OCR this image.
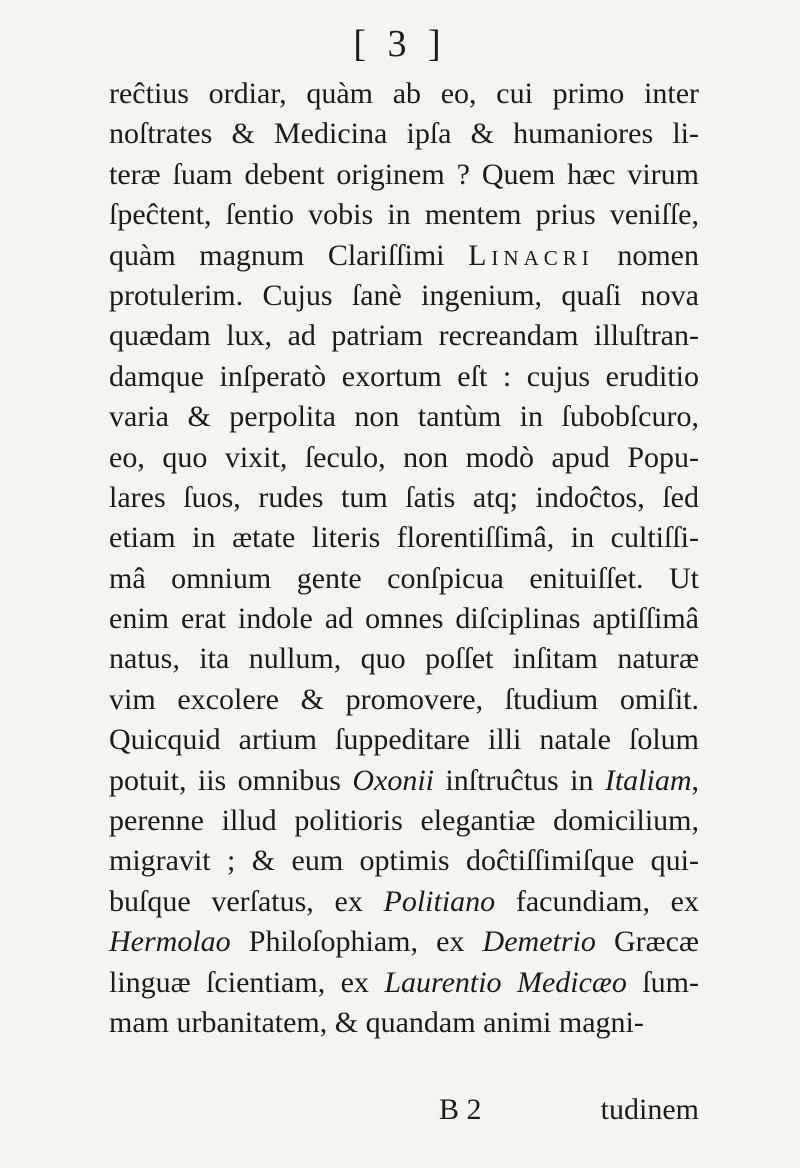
[ 3 ]
reĉtius ordiar, quàm ab eo, cui primo inter
noſtrates & Medicina ipſa & humaniores li-
teræ ſuam debent originem ? Quem hæc virum
ſpeĉtent, ſentio vobis in mentem prius veniſſe,
quàm magnum Clariſſimi Linacri nomen
protulerim. Cujus ſanè ingenium, quaſi nova
quædam lux, ad patriam recreandam illuſtran-
damque inſperatò exortum eſt : cujus eruditio
varia & perpolita non tantùm in ſubobſcuro,
eo, quo vixit, ſeculo, non modò apud Popu-
lares ſuos, rudes tum ſatis atq; indoĉtos, ſed
etiam in ætate literis florentiſſimâ, in cultiſſi-
mâ omnium gente conſpicua enituiſſet. Ut
enim erat indole ad omnes diſciplinas aptiſſimâ
natus, ita nullum, quo poſſet inſitam naturæ
vim excolere & promovere, ſtudium omiſit.
Quicquid artium ſuppeditare illi natale ſolum
potuit, iis omnibus Oxonii inſtruĉtus in Italiam,
perenne illud politioris elegantiæ domicilium,
migravit ; & eum optimis doĉtiſſimiſque qui-
buſque verſatus, ex Politiano facundiam, ex
Hermolao Philoſophiam, ex Demetrio Græcæ
linguæ ſcientiam, ex Laurentio Medicæo ſum-
mam urbanitatem, & quandam animi magni-
B 2	tudinem
